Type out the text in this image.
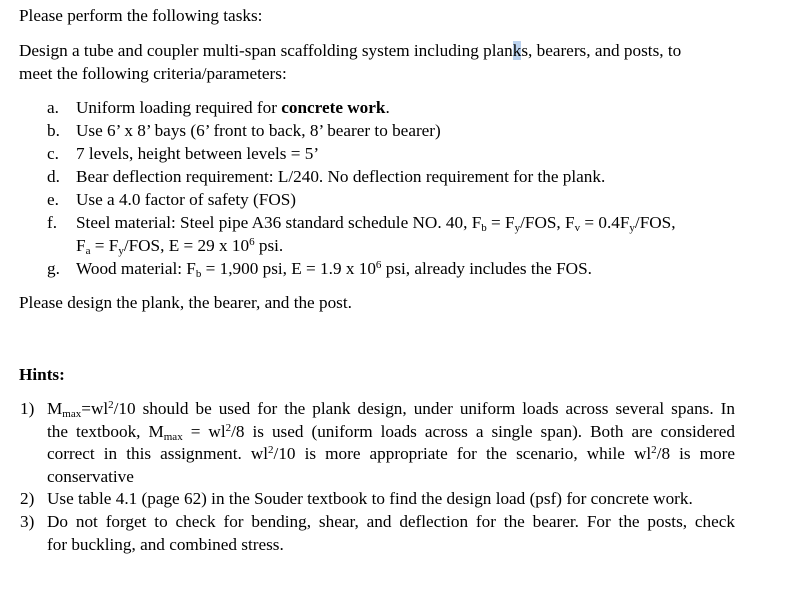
Please perform the following tasks:
Design a tube and coupler multi-span scaffolding system including planks, bearers, and posts, to
meet the following criteria/parameters:
a. Uniform loading required for concrete work.
b. Use 6’ x 8’ bays (6’ front to back, 8’ bearer to bearer)
c. 7 levels, height between levels = 5’
d. Bear deflection requirement: L/240. No deflection requirement for the plank.
e. Use a 4.0 factor of safety (FOS)
f. Steel material: Steel pipe A36 standard schedule NO. 40, $F_b = F_y/FOS$, $F_v = 0.4F_y/FOS$,
$F_a = F_y/FOS$, E = 29 x $10^6$ psi.
g. Wood material: $F_b = 1,900$ psi, E = 1.9 x $10^6$ psi, already includes the FOS.
Please design the plank, the bearer, and the post.
Hints:
1) $M_{max}=wl^2/10$ should be used for the plank design, under uniform loads across several spans. In
the textbook, $M_{max} = wl^2/8$ is used (uniform loads across a single span). Both are considered
correct in this assignment. $wl^2/10$ is more appropriate for the scenario, while $wl^2/8$ is more
conservative
2) Use table 4.1 (page 62) in the Souder textbook to find the design load (psf) for concrete work.
3) Do not forget to check for bending, shear, and deflection for the bearer. For the posts, check
for buckling, and combined stress.
